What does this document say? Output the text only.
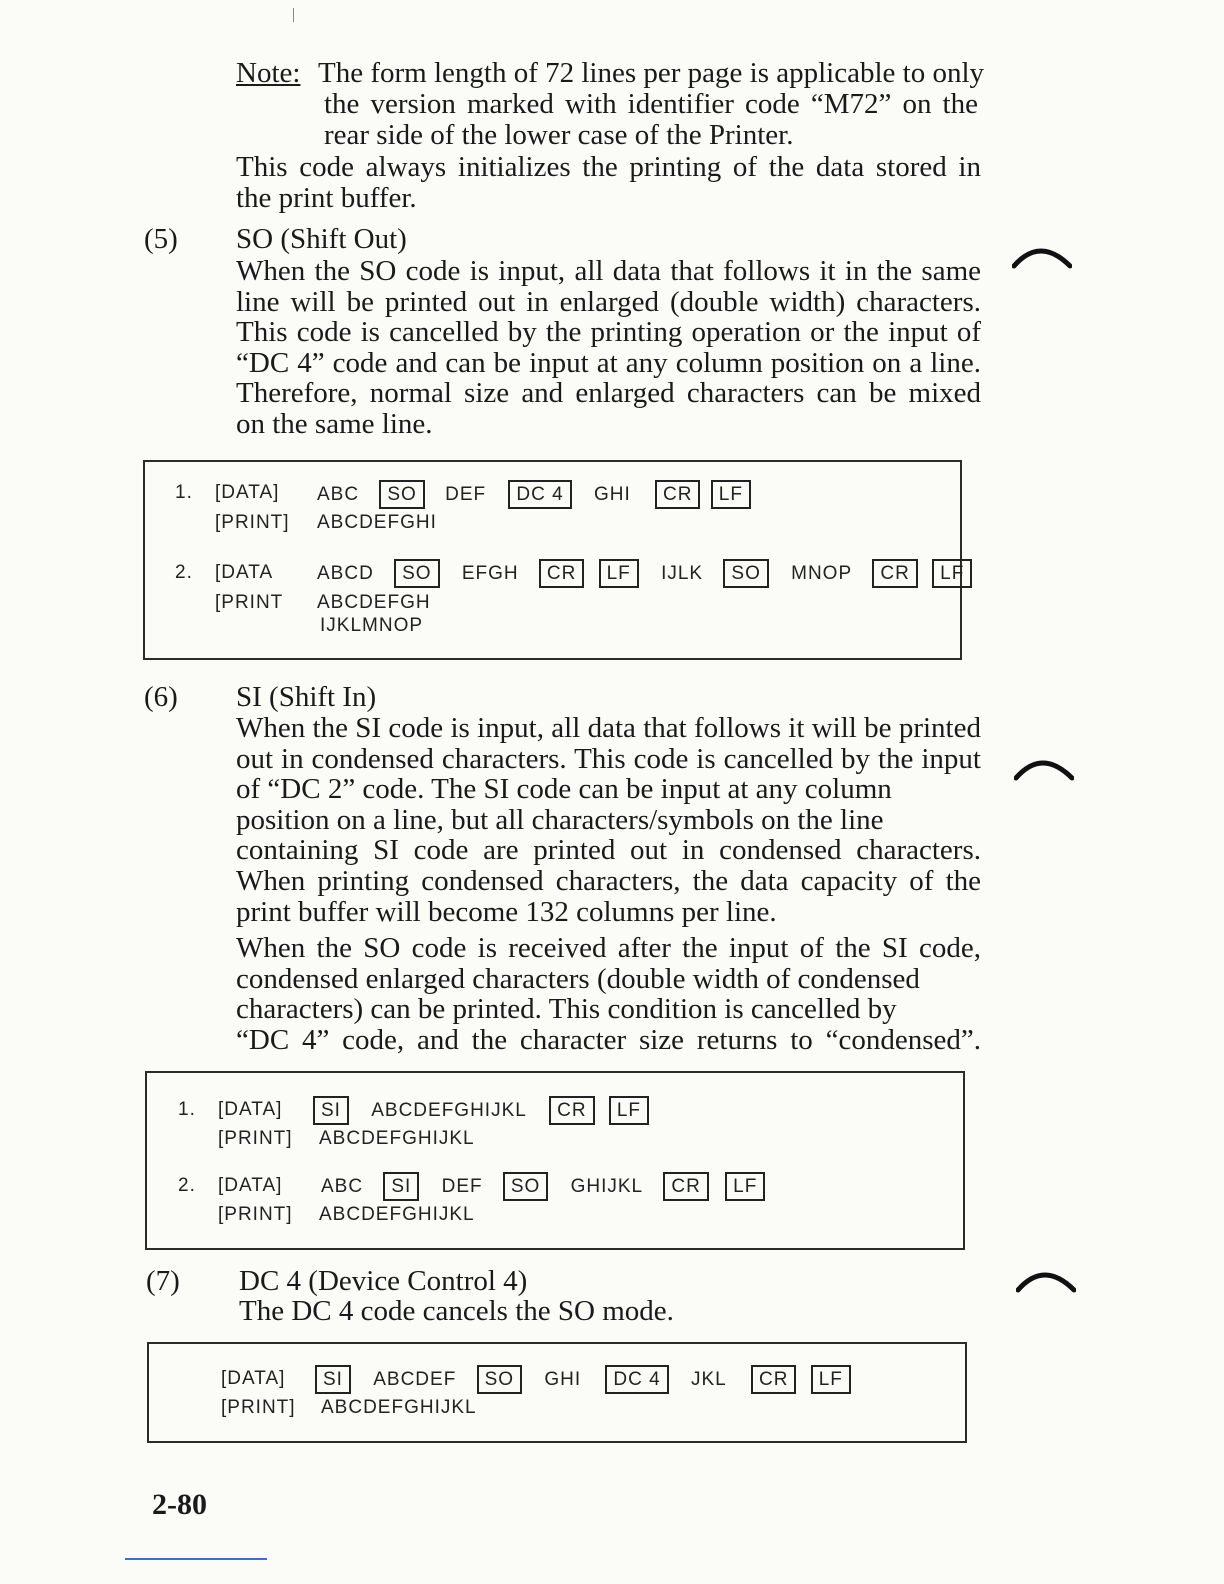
Note: The form length of 72 lines per page is applicable to only
the version marked with identifier code “M72” on the
rear side of the lower case of the Printer.
This code always initializes the printing of the data stored in
the print buffer.
(5) SO (Shift Out)
When the SO code is input, all data that follows it in the same
line will be printed out in enlarged (double width) characters.
This code is cancelled by the printing operation or the input of
“DC 4” code and can be input at any column position on a line.
Therefore, normal size and enlarged characters can be mixed
on the same line.
1. [DATA] ABC SO DEF DC 4 GHI CR LF
[PRINT] ABCDEFGHI
2. [DATA ABCD SO EFGH CR LF IJLK SO MNOP CR LF
[PRINT ABCDEFGH
IJKLMNOP
(6) SI (Shift In)
When the SI code is input, all data that follows it will be printed
out in condensed characters. This code is cancelled by the input
of “DC 2” code. The SI code can be input at any column
position on a line, but all characters/symbols on the line
containing SI code are printed out in condensed characters.
When printing condensed characters, the data capacity of the
print buffer will become 132 columns per line.
When the SO code is received after the input of the SI code,
condensed enlarged characters (double width of condensed
characters) can be printed. This condition is cancelled by
“DC 4” code, and the character size returns to “condensed”.
1. [DATA]	SI ABCDEFGHIJKL CR LF
[PRINT] ABCDEFGHIJKL
2. [DATA] ABC SI DEF SO GHIJKL CR LF
[PRINT] ABCDEFGHIJKL
(7) DC 4 (Device Control 4)
The DC 4 code cancels the SO mode.
[DATA]	SI ABCDEF SO GHI DC 4 JKL CR LF
[PRINT] ABCDEFGHIJKL
2-80
